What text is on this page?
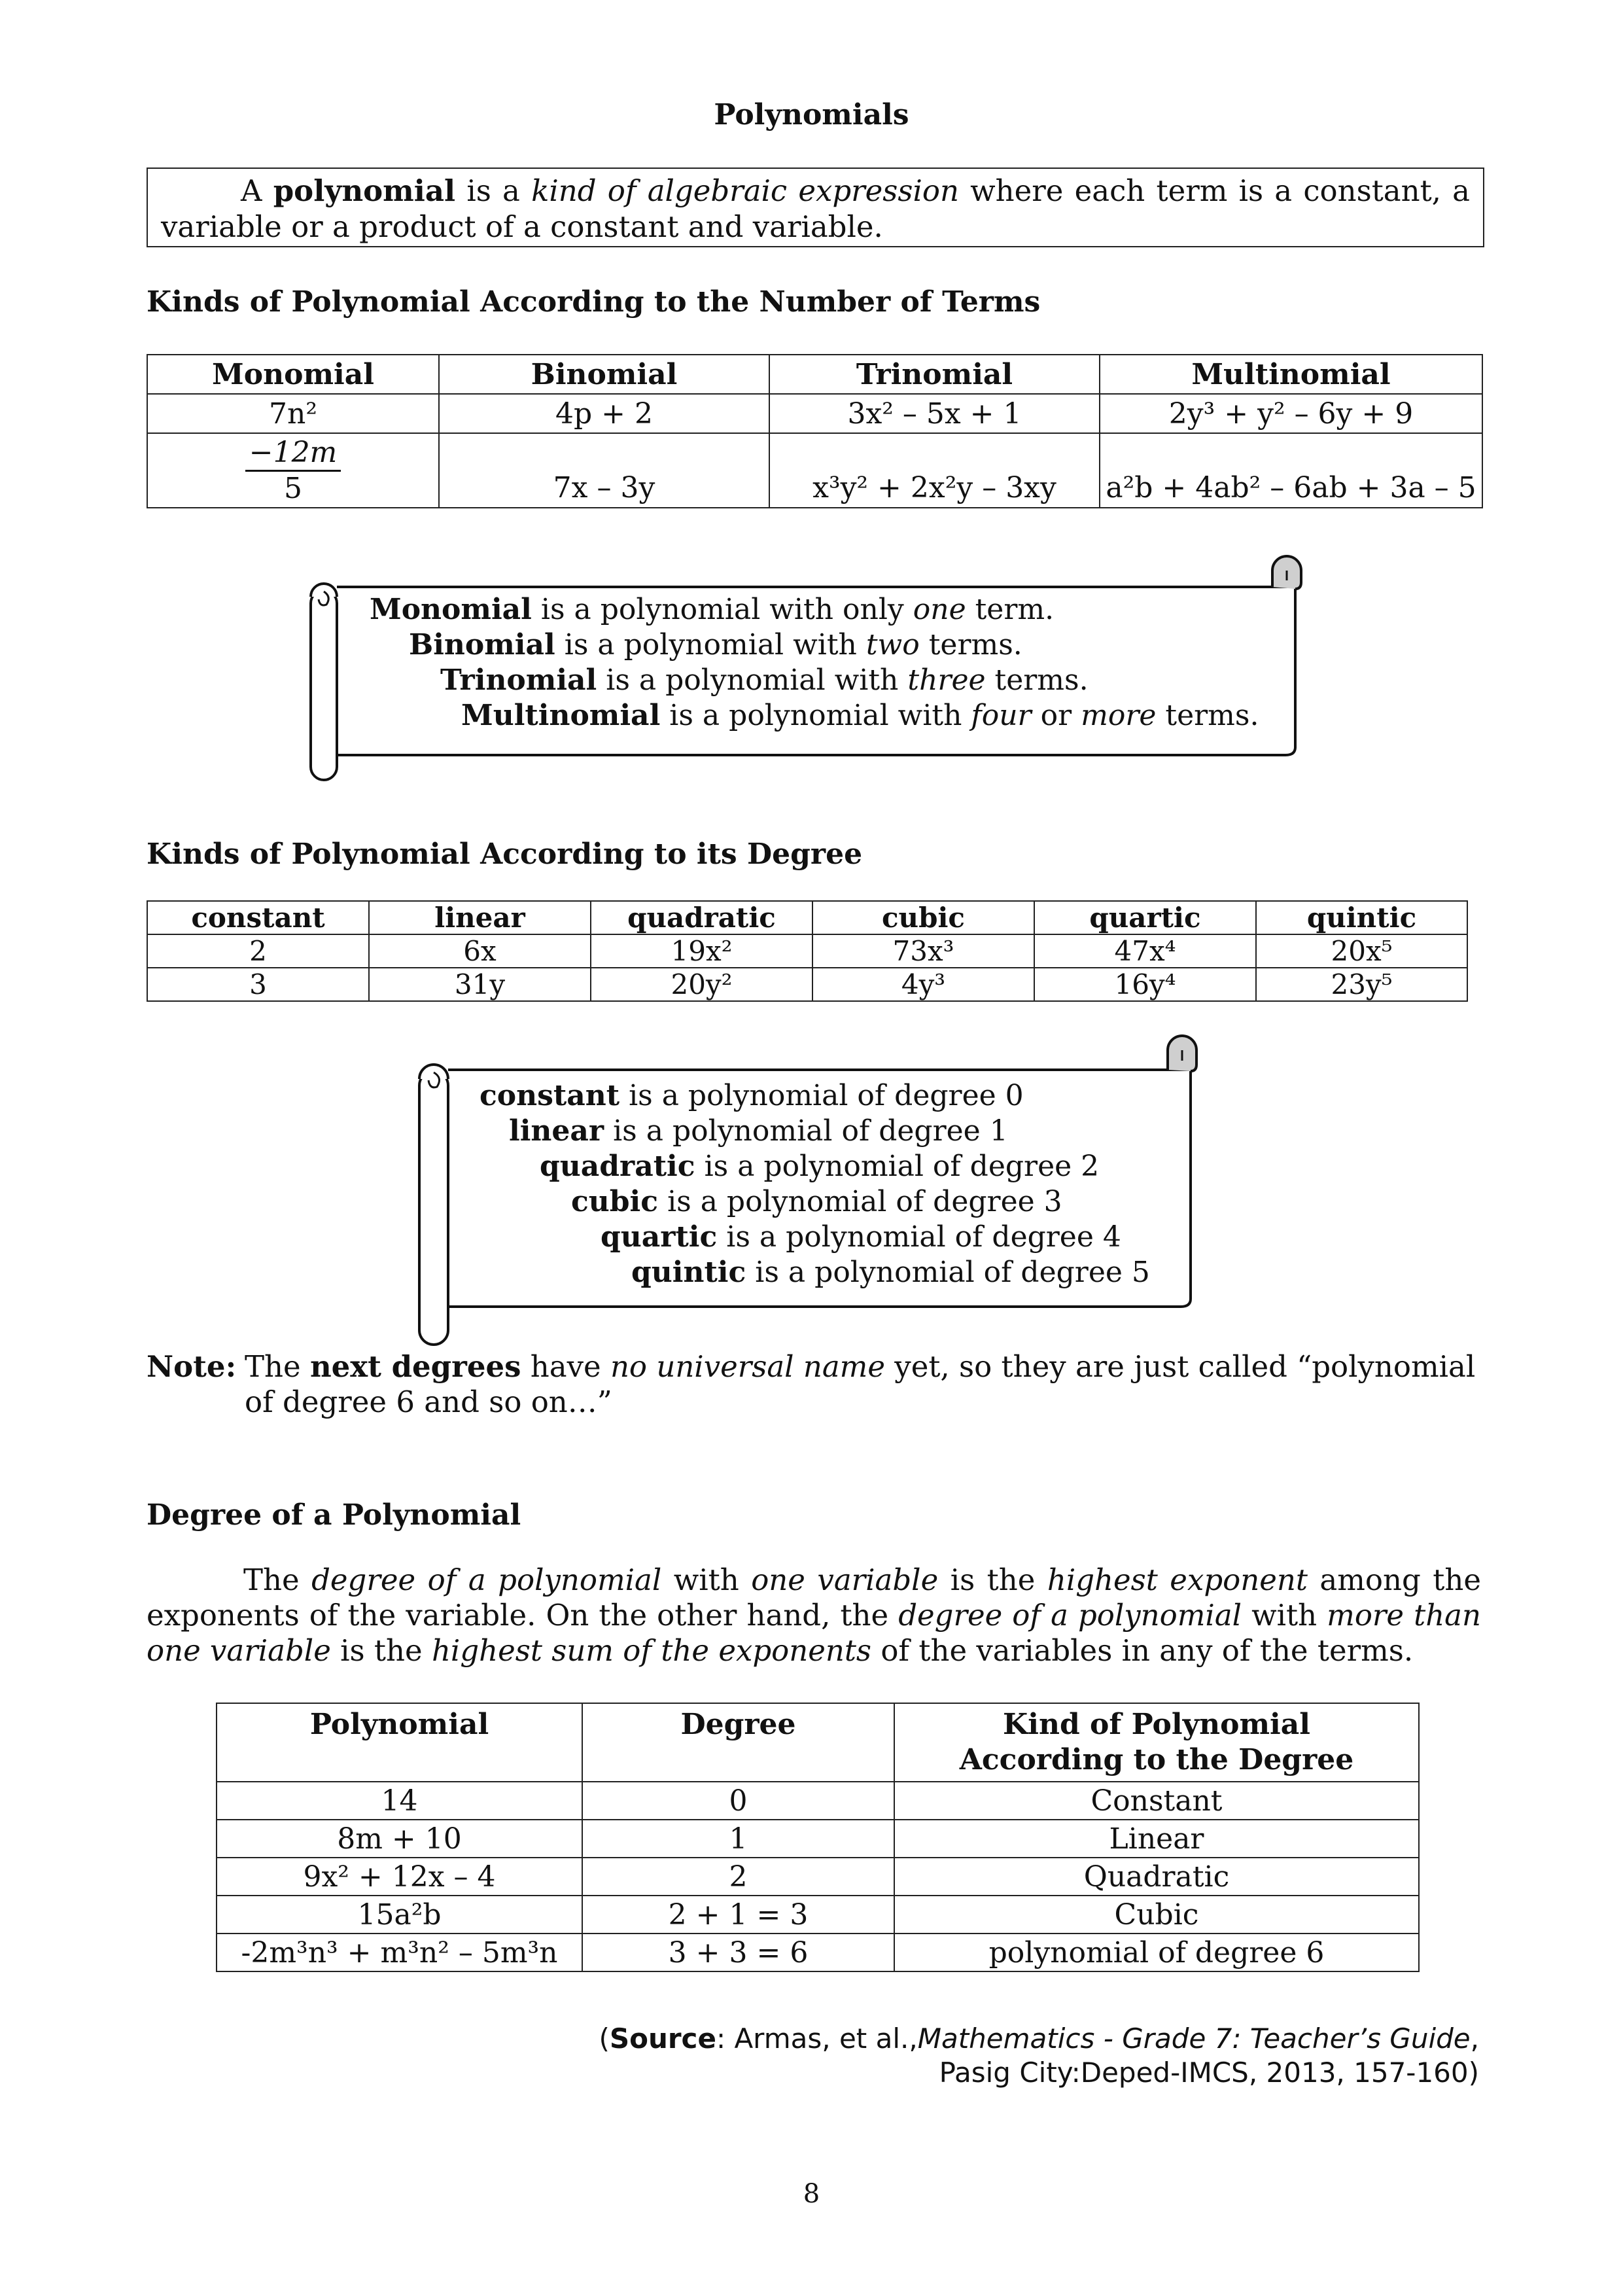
Polynomials
A polynomial is a kind of algebraic expression where each term is a constant, a variable or a product of a constant and variable.
Kinds of Polynomial According to the Number of Terms
Monomial	Binomial	Trinomial	Multinomial
7n²	4p + 2	3x² – 5x + 1	2y³ + y² – 6y + 9

$\frac{-12m}{5}$	7x – 3y	x³y² + 2x²y – 3xy	a²b + 4ab² – 6ab + 3a – 5
Monomial is a polynomial with only one term.
Binomial is a polynomial with two terms.
Trinomial is a polynomial with three terms.
Multinomial is a polynomial with four or more terms.
Kinds of Polynomial According to its Degree
constant	linear	quadratic	cubic	quartic	quintic
2	6x	19x²	73x³	47x⁴	20x⁵
3	31y	20y²	4y³	16y⁴	23y⁵
constant is a polynomial of degree 0
linear is a polynomial of degree 1
quadratic is a polynomial of degree 2
cubic is a polynomial of degree 3
quartic is a polynomial of degree 4
quintic is a polynomial of degree 5
Note: The next degrees have no universal name yet, so they are just called “polynomial of degree 6 and so on…”
Degree of a Polynomial
The degree of a polynomial with one variable is the highest exponent among the exponents of the variable. On the other hand, the degree of a polynomial with more than one variable is the highest sum of the exponents of the variables in any of the terms.
Polynomial	Degree	Kind of Polynomial According to the Degree
14	0	Constant
8m + 10	1	Linear
9x² + 12x – 4	2	Quadratic
15a²b	2 + 1 = 3	Cubic
-2m³n³ + m³n² – 5m³n	3 + 3 = 6	polynomial of degree 6
(Source: Armas, et al.,Mathematics - Grade 7: Teacher’s Guide,
Pasig City:Deped-IMCS, 2013, 157-160)
8
